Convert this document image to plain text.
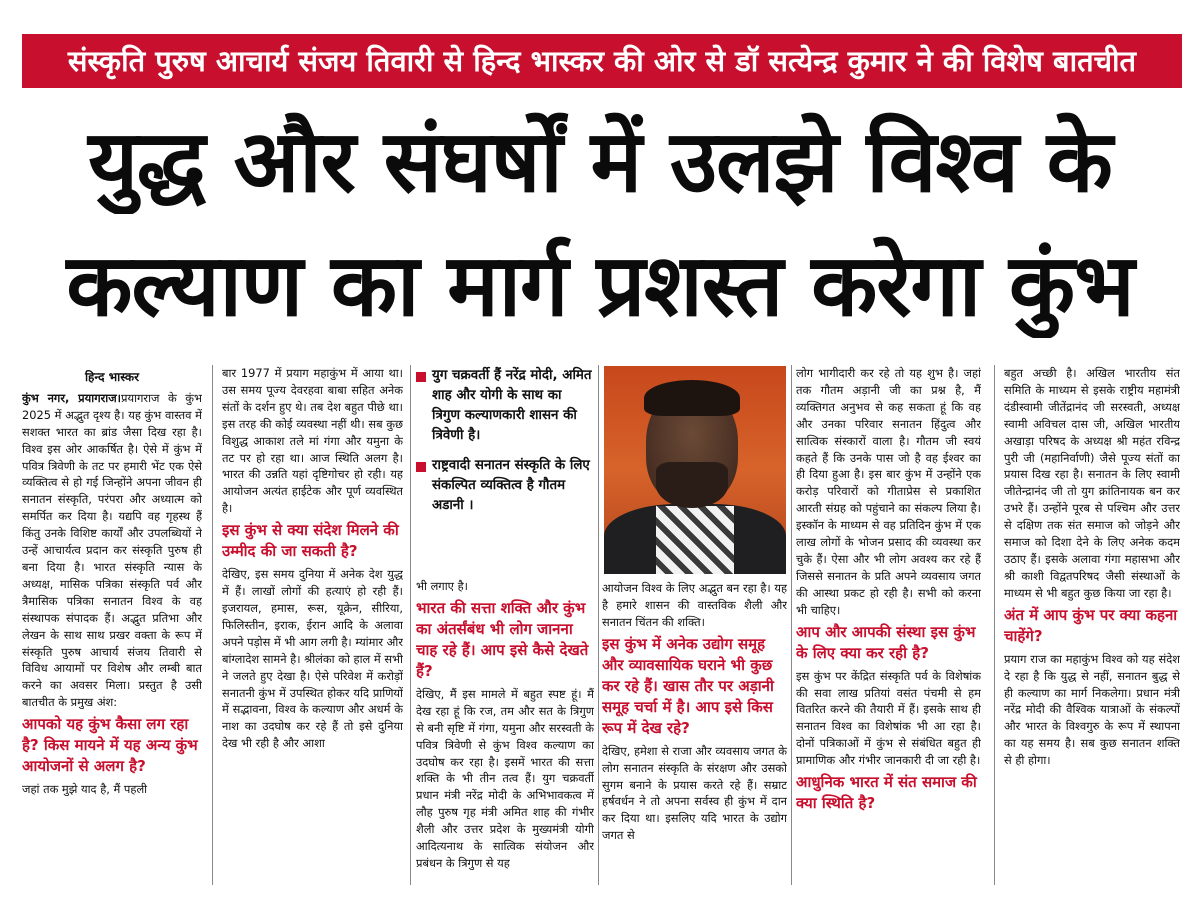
संस्कृति पुरुष आचार्य संजय तिवारी से हिन्द भास्कर की ओर से डॉ सत्येन्द्र कुमार ने की विशेष बातचीत
युद्ध और संघर्षों में उलझे विश्व के
कल्याण का मार्ग प्रशस्त करेगा कुंभ
हिन्द भास्कर

कुंभ नगर, प्रयागराज।प्रयागराज के कुंभ 2025 में अद्भुत दृश्य है। यह कुंभ वास्तव में सशक्त भारत का ब्रांड जैसा दिख रहा है। विश्व इस ओर आकर्षित है। ऐसे में कुंभ में पवित्र त्रिवेणी के तट पर हमारी भेंट एक ऐसे व्यक्तित्व से हो गई जिन्होंने अपना जीवन ही सनातन संस्कृति, परंपरा और अध्यात्म को समर्पित कर दिया है। यद्यपि वह गृहस्थ हैं किंतु उनके विशिष्ट कार्यों और उपलब्धियों ने उन्हें आचार्यत्व प्रदान कर संस्कृति पुरुष ही बना दिया है। भारत संस्कृति न्यास के अध्यक्ष, मासिक पत्रिका संस्कृति पर्व और त्रैमासिक पत्रिका सनातन विश्व के वह संस्थापक संपादक हैं। अद्भुत प्रतिभा और लेखन के साथ साथ प्रखर वक्ता के रूप में संस्कृति पुरुष आचार्य संजय तिवारी से विविध आयामों पर विशेष और लम्बी बात करने का अवसर मिला। प्रस्तुत है उसी बातचीत के प्रमुख अंश:

आपको यह कुंभ कैसा लग रहा है? किस मायने में यह अन्य कुंभ आयोजनों से अलग है?

जहां तक मुझे याद है, मैं पहली

बार 1977 में प्रयाग महाकुंभ में आया था। उस समय पूज्य देवरहवा बाबा सहित अनेक संतों के दर्शन हुए थे। तब देश बहुत पीछे था। इस तरह की कोई व्यवस्था नहीं थी। सब कुछ विशुद्ध आकाश तले मां गंगा और यमुना के तट पर हो रहा था। आज स्थिति अलग है। भारत की उन्नति यहां दृष्टिगोचर हो रही। यह आयोजन अत्यंत हाईटेक और पूर्ण व्यवस्थित है।

इस कुंभ से क्या संदेश मिलने की उम्मीद की जा सकती है?

देखिए, इस समय दुनिया में अनेक देश युद्ध में हैं। लाखों लोगों की हत्याएं हो रही हैं। इजरायल, हमास, रूस, यूक्रेन, सीरिया, फिलिस्तीन, इराक, ईरान आदि के अलावा अपने पड़ोस में भी आग लगी है। म्यांमार और बांग्लादेश सामने है। श्रीलंका को हाल में सभी ने जलते हुए देखा है। ऐसे परिवेश में करोड़ों सनातनी कुंभ में उपस्थित होकर यदि प्राणियों में सद्भावना, विश्व के कल्याण और अधर्म के नाश का उदघोष कर रहे हैं तो इसे दुनिया देख भी रही है और आशा

युग चक्रवर्ती हैं नरेंद्र मोदी, अमित शाह और योगी के साथ का त्रिगुण कल्याणकारी शासन की त्रिवेणी है।
राष्ट्रवादी सनातन संस्कृति के लिए संकल्पित व्यक्तित्व है गौतम अडानी ।

भी लगाए है।

भारत की सत्ता शक्ति और कुंभ का अंतर्संबंध भी लोग जानना चाह रहे हैं। आप इसे कैसे देखते हैं?

देखिए, मैं इस मामले में बहुत स्पष्ट हूं। मैं देख रहा हूं कि रज, तम और सत के त्रिगुण से बनी सृष्टि में गंगा, यमुना और सरस्वती के पवित्र त्रिवेणी से कुंभ विश्व कल्याण का उदघोष कर रहा है। इसमें भारत की सत्ता शक्ति के भी तीन तत्व हैं। युग चक्रवर्ती प्रधान मंत्री नरेंद्र मोदी के अभिभावकत्व में लौह पुरुष गृह मंत्री अमित शाह की गंभीर शैली और उत्तर प्रदेश के मुख्यमंत्री योगी आदित्यनाथ के सात्विक संयोजन और प्रबंधन के त्रिगुण से यह

आयोजन विश्व के लिए अद्भुत बन रहा है। यह है हमारे शासन की वास्तविक शैली और सनातन चिंतन की शक्ति।

इस कुंभ में अनेक उद्योग समूह और व्यावसायिक घराने भी कुछ कर रहे हैं। खास तौर पर अड़ानी समूह चर्चा में है। आप इसे किस रूप में देख रहे?

देखिए, हमेशा से राजा और व्यवसाय जगत के लोग सनातन संस्कृति के संरक्षण और उसको सुगम बनाने के प्रयास करते रहे हैं। सम्राट हर्षवर्धन ने तो अपना सर्वस्व ही कुंभ में दान कर दिया था। इसलिए यदि भारत के उद्योग जगत से

लोग भागीदारी कर रहे तो यह शुभ है। जहां तक गौतम अड़ानी जी का प्रश्न है, मैं व्यक्तिगत अनुभव से कह सकता हूं कि वह और उनका परिवार सनातन हिंदुत्व और सात्विक संस्कारों वाला है। गौतम जी स्वयं कहते हैं कि उनके पास जो है वह ईश्वर का ही दिया हुआ है। इस बार कुंभ में उन्होंने एक करोड़ परिवारों को गीताप्रेस से प्रकाशित आरती संग्रह को पहुंचाने का संकल्प लिया है। इस्कॉन के माध्यम से वह प्रतिदिन कुंभ में एक लाख लोगों के भोजन प्रसाद की व्यवस्था कर चुके हैं। ऐसा और भी लोग अवश्य कर रहे हैं जिससे सनातन के प्रति अपने व्यवसाय जगत की आस्था प्रकट हो रही है। सभी को करना भी चाहिए।

आप और आपकी संस्था इस कुंभ के लिए क्या कर रही है?

इस कुंभ पर केंद्रित संस्कृति पर्व के विशेषांक की सवा लाख प्रतियां वसंत पंचमी से हम वितरित करने की तैयारी में हैं। इसके साथ ही सनातन विश्व का विशेषांक भी आ रहा है। दोनों पत्रिकाओं में कुंभ से संबंधित बहुत ही प्रामाणिक और गंभीर जानकारी दी जा रही है।

आधुनिक भारत में संत समाज की क्या स्थिति है?

बहुत अच्छी है। अखिल भारतीय संत समिति के माध्यम से इसके राष्ट्रीय महामंत्री दंडीस्वामी जीतेंद्रानंद जी सरस्वती, अध्यक्ष स्वामी अविचल दास जी, अखिल भारतीय अखाड़ा परिषद के अध्यक्ष श्री महंत रविन्द्र पुरी जी (महानिर्वाणी) जैसे पूज्य संतों का प्रयास दिख रहा है। सनातन के लिए स्वामी जीतेन्द्रानंद जी तो युग क्रांतिनायक बन कर उभरे हैं। उन्होंने पूरब से पश्चिम और उत्तर से दक्षिण तक संत समाज को जोड़ने और समाज को दिशा देने के लिए अनेक कदम उठाए हैं। इसके अलावा गंगा महासभा और श्री काशी विद्वतपरिषद जैसी संस्थाओं के माध्यम से भी बहुत कुछ किया जा रहा है।

अंत में आप कुंभ पर क्या कहना चाहेंगे?

प्रयाग राज का महाकुंभ विश्व को यह संदेश दे रहा है कि युद्ध से नहीं, सनातन बुद्ध से ही कल्याण का मार्ग निकलेगा। प्रधान मंत्री नरेंद्र मोदी की वैश्विक यात्राओं के संकल्पों और भारत के विश्वगुरु के रूप में स्थापना का यह समय है। सब कुछ सनातन शक्ति से ही होगा।
